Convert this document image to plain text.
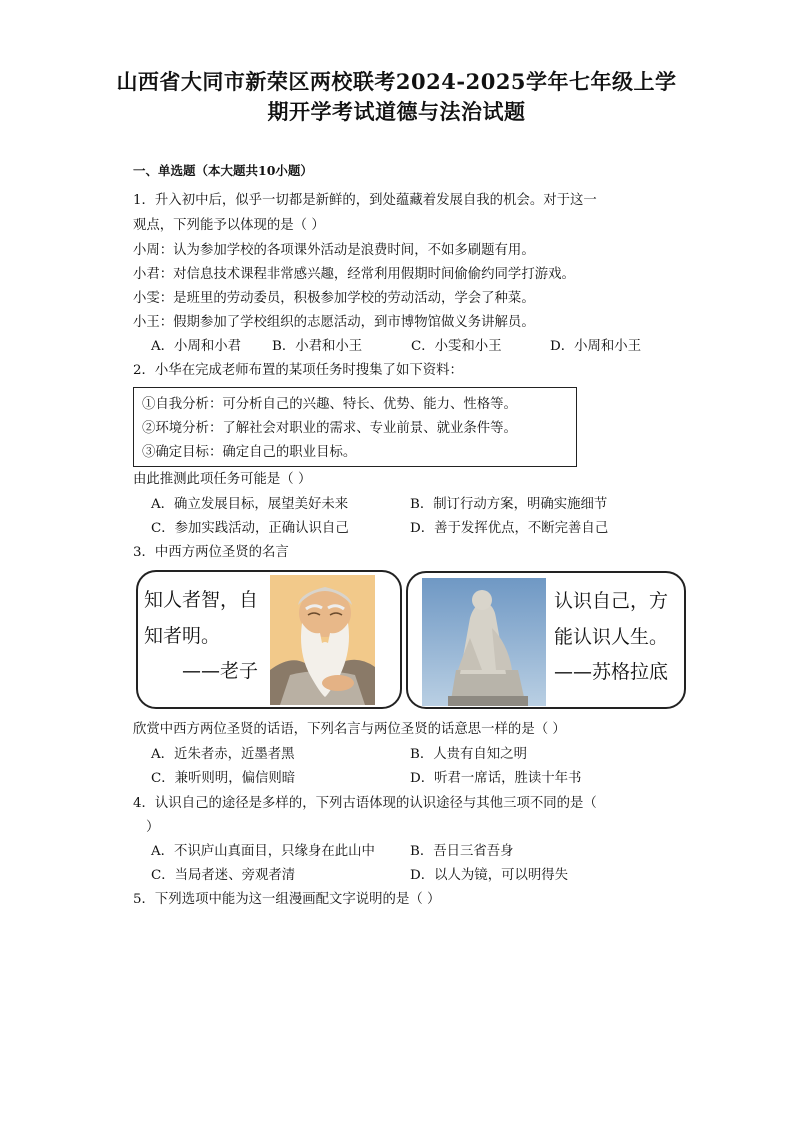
山西省大同市新荣区两校联考2024-2025学年七年级上学
期开学考试道德与法治试题
一、单选题（本大题共10小题）
1．升入初中后，似乎一切都是新鲜的，到处蕴藏着发展自我的机会。对于这一
观点，下列能予以体现的是（ ）
小周：认为参加学校的各项课外活动是浪费时间，不如多刷题有用。
小君：对信息技术课程非常感兴趣，经常利用假期时间偷偷约同学打游戏。
小雯：是班里的劳动委员，积极参加学校的劳动活动，学会了种菜。
小王：假期参加了学校组织的志愿活动，到市博物馆做义务讲解员。
A．小周和小君 B．小君和小王	C．小雯和小王	D．小周和小王
2．小华在完成老师布置的某项任务时搜集了如下资料：
①自我分析：可分析自己的兴趣、特长、优势、能力、性格等。
②环境分析：了解社会对职业的需求、专业前景、就业条件等。
③确定目标：确定自己的职业目标。
由此推测此项任务可能是（ ）
A．确立发展目标，展望美好未来	B．制订行动方案，明确实施细节
C．参加实践活动，正确认识自己	D．善于发挥优点，不断完善自己
3．中西方两位圣贤的名言
知人者智，自
知者明。
——老子
认识自己，方
能认识人生。
——苏格拉底
欣赏中西方两位圣贤的话语，下列名言与两位圣贤的话意思一样的是（ ）
A．近朱者赤，近墨者黑	B．人贵有自知之明
C．兼听则明，偏信则暗	D．听君一席话，胜读十年书
4．认识自己的途径是多样的，下列古语体现的认识途径与其他三项不同的是（
）
A．不识庐山真面目，只缘身在此山中	B．吾日三省吾身
C．当局者迷、旁观者清	D．以人为镜，可以明得失
5．下列选项中能为这一组漫画配文字说明的是（ ）
